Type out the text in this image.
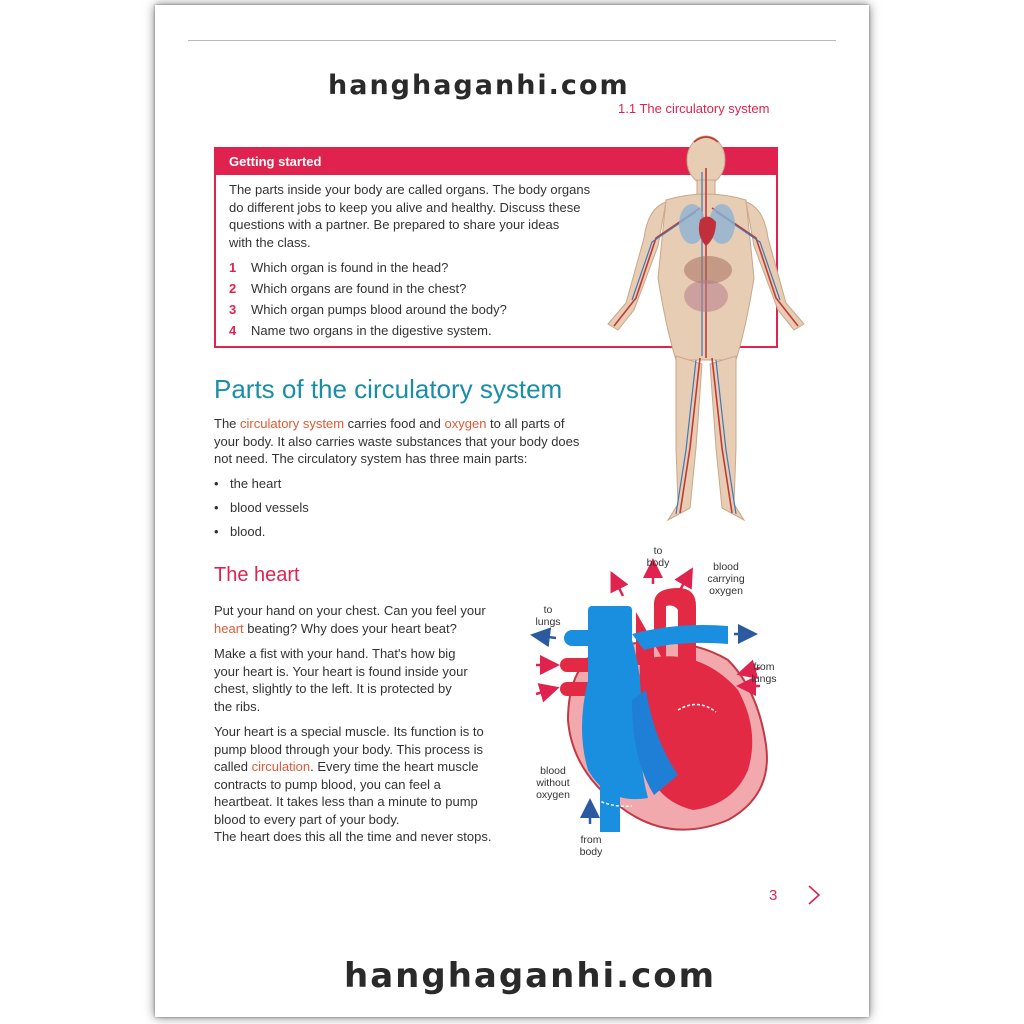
hanghaganhi.com
1.1 The circulatory system
Getting started
The parts inside your body are called organs. The body organs
do different jobs to keep you alive and healthy. Discuss these
questions with a partner. Be prepared to share your ideas
with the class.
1 Which organ is found in the head?
2 Which organs are found in the chest?
3 Which organ pumps blood around the body?
4 Name two organs in the digestive system.
Parts of the circulatory system
The circulatory system carries food and oxygen to all parts of
your body. It also carries waste substances that your body does
not need. The circulatory system has three main parts:
• the heart
• blood vessels
• blood.
The heart
Put your hand on your chest. Can you feel your
heart beating? Why does your heart beat?
Make a fist with your hand. That's how big
your heart is. Your heart is found inside your
chest, slightly to the left. It is protected by
the ribs.
Your heart is a special muscle. Its function is to
pump blood through your body. This process is
called circulation. Every time the heart muscle
contracts to pump blood, you can feel a
heartbeat. It takes less than a minute to pump
blood to every part of your body.
The heart does this all the time and never stops.
to
body
to
lungs
blood
carrying
oxygen
from
lungs
blood
without
oxygen
from
body
3
hanghaganhi.com
